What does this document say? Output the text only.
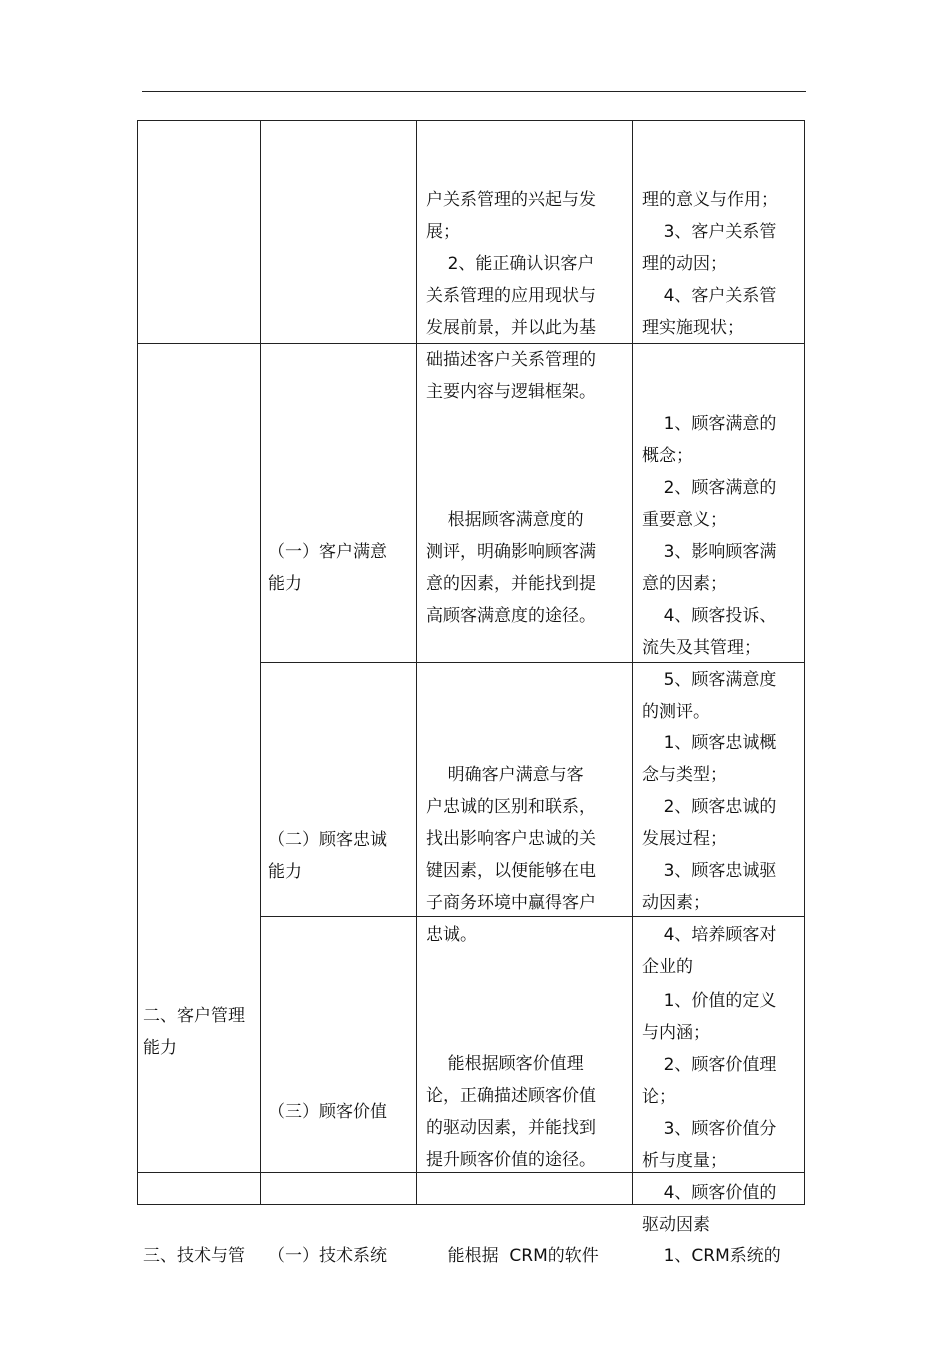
户关系管理的兴起与发
展；
2、能正确认识客户
关系管理的应用现状与
发展前景，并以此为基
础描述客户关系管理的
主要内容与逻辑框架。

理的意义与作用；
3、客户关系管
理的动因；
4、客户关系管
理实施现状；

二、客户管理
能力

（一）客户满意
能力

根据顾客满意度的
测评，明确影响顾客满
意的因素，并能找到提
高顾客满意度的途径。

1、顾客满意的
概念；
2、顾客满意的
重要意义；
3、影响顾客满
意的因素；
4、顾客投诉、
流失及其管理；
5、顾客满意度
的测评。

（二）顾客忠诚
能力

明确客户满意与客
户忠诚的区别和联系，
找出影响客户忠诚的关
键因素，以便能够在电
子商务环境中赢得客户
忠诚。

1、顾客忠诚概
念与类型；
2、顾客忠诚的
发展过程；
3、顾客忠诚驱
动因素；
4、培养顾客对
企业的

（三）顾客价值

能根据顾客价值理
论，正确描述顾客价值
的驱动因素，并能找到
提升顾客价值的途径。

1、价值的定义
与内涵；
2、顾客价值理
论；
3、顾客价值分
析与度量；
4、顾客价值的
驱动因素

三、技术与管

（一）技术系统

能根据  CRM的软件

	1、CRM系统的
